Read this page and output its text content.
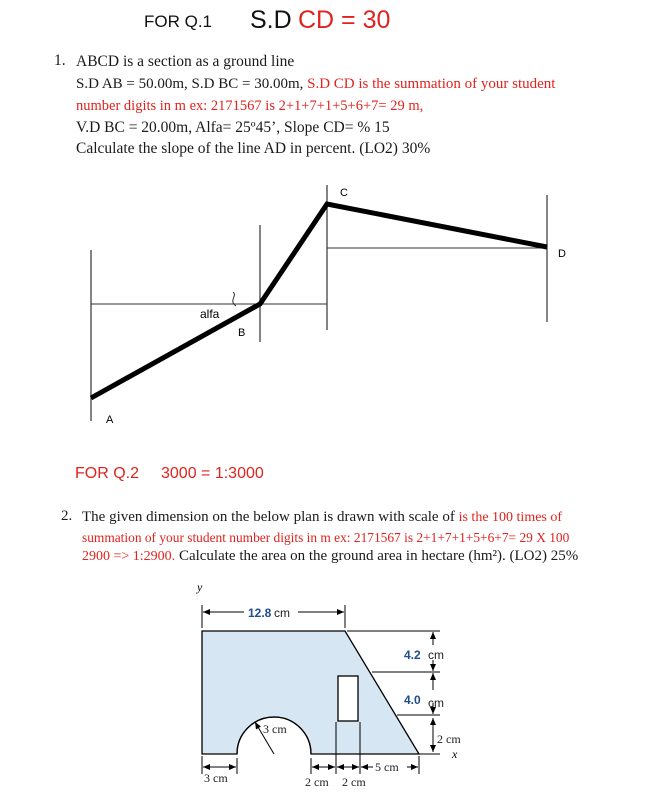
FOR Q.1 S.D CD = 30
1. ABCD is a section as a ground line
S.D AB = 50.00m, S.D BC = 30.00m, S.D CD is the summation of your student
number digits in m ex: 2171567 is 2+1+7+1+5+6+7= 29 m,
V.D BC = 20.00m, Alfa= 25º45’, Slope CD= % 15
Calculate the slope of the line AD in percent. (LO2) 30%
A
B
C
D
alfa
FOR Q.2 3000 = 1:3000
2. The given dimension on the below plan is drawn with scale of is the 100 times of
summation of your student number digits in m ex: 2171567 is 2+1+7+1+5+6+7= 29 X 100
2900 => 1:2900. Calculate the area on the ground area in hectare (hm²). (LO2) 25%
y
12.8 cm
4.2 cm
4.0 cm
2 cm
x
3 cm
3 cm	2 cm 2 cm
5 cm
